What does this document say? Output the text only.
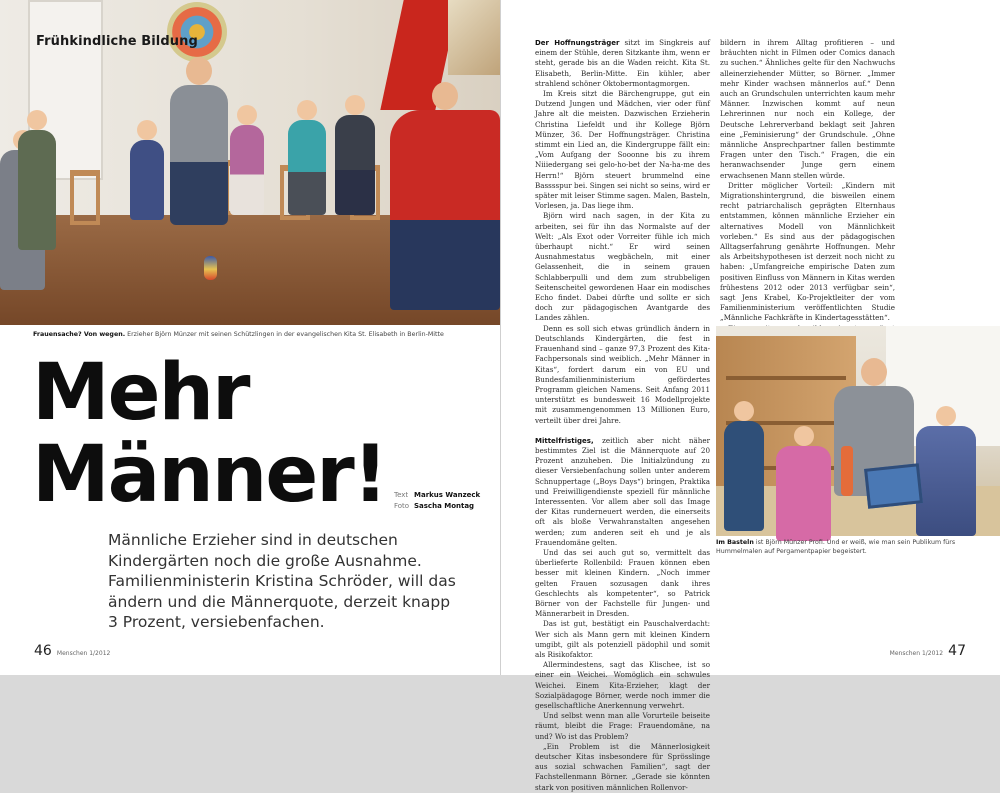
Frühkindliche Bildung
Frauensache? Von wegen. Erzieher Björn Münzer mit seinen Schützlingen in der evangelischen Kita St. Elisabeth in Berlin-Mitte
Mehr
Männer! Text Markus Wanzeck
Foto Sascha Montag

Männliche Erzieher sind in deutschen Kindergärten noch die große Ausnahme. Familienministerin Kristina Schröder, will das ändern und die Männerquote, derzeit knapp 3 Prozent, versiebenfachen.

46 Menschen 1/2012

Der Hoffnungsträger sitzt im Singkreis auf einem der Stühle, deren Sitzkante ihm, wenn er steht, gerade bis an die Waden reicht. Kita St. Elisabeth, Berlin-Mitte. Ein kühler, aber strahlend schöner Oktobermontagmorgen.

Im Kreis sitzt die Bärchengruppe, gut ein Dutzend Jungen und Mädchen, vier oder fünf Jahre alt die meisten. Dazwischen Erzieherin Christina Liefeldt und ihr Kollege Björn Münzer, 36. Der Hoffnungsträger. Christina stimmt ein Lied an, die Kindergruppe fällt ein: „Vom Aufgang der Sooonne bis zu ihrem Niiiedergang sei gelo-ho-bet der Na-ha-me des Herrn!“ Björn steuert brummelnd eine Basssspur bei. Singen sei nicht so seins, wird er später mit leiser Stimme sagen. Malen, Basteln, Vorlesen, ja. Das liege ihm.

Björn wird nach sagen, in der Kita zu arbeiten, sei für ihn das Normalste auf der Welt: „Als Exot oder Vorreiter fühle ich mich überhaupt nicht.“ Er wird seinen Ausnahmestatus wegbächeln, mit einer Gelassenheit, die in seinem grauen Schlabberpulli und dem zum strubbeligen Seitenscheitel gewordenen Haar ein modisches Echo findet. Dabei dürfte und sollte er sich doch zur pädagogischen Avantgarde des Landes zählen.

Denn es soll sich etwas gründlich ändern in Deutschlands Kindergärten, die fest in Frauenhand sind – ganze 97,3 Prozent des Kita-Fachpersonals sind weiblich. „Mehr Männer in Kitas“, fordert darum ein von EU und Bundesfamilienministerium gefördertes Programm gleichen Namens. Seit Anfang 2011 unterstützt es bundesweit 16 Modellprojekte mit zusammengenommen 13 Millionen Euro, verteilt über drei Jahre.

Mittelfristiges, zeitlich aber nicht näher bestimmtes Ziel ist die Männerquote auf 20 Prozent anzuheben. Die Initialzündung zu dieser Versiebenfachung sollen unter anderem Schnuppertage („Boys Days“) bringen, Praktika und Freiwilligendienste speziell für männliche Interessenten. Vor allem aber soll das Image der Kitas runderneuert werden, die einerseits oft als bloße Verwahranstalten angesehen werden; zum anderen seit eh und je als Frauendomäne gelten.

Und das sei auch gut so, vermittelt das überlieferte Rollenbild: Frauen können eben besser mit kleinen Kindern. „Noch immer gelten Frauen sozusagen dank ihres Geschlechts als kompetenter“, so Patrick Börner von der Fachstelle für Jungen- und Männerarbeit in Dresden.

Das ist gut, bestätigt ein Pauschalverdacht: Wer sich als Mann gern mit kleinen Kindern umgibt, gilt als potenziell pädophil und somit als Risikofaktor.

Allermindestens, sagt das Klischee, ist so einer ein Weichei. Womöglich ein schwules Weichei. Einem Kita-Erzieher, klagt der Sozialpädagoge Börner, werde noch immer die gesellschaftliche Anerkennung verwehrt.

Und selbst wenn man alle Vorurteile beiseite räumt, bleibt die Frage: Frauendomäne, na und? Wo ist das Problem?

„Ein Problem ist die Männerlosigkeit deutscher Kitas insbesondere für Sprösslinge aus sozial schwachen Familien“, sagt der Fachstellenmann Börner. „Gerade sie könnten stark von positiven männlichen Rollenvor-

bildern in ihrem Alltag profitieren – und bräuchten nicht in Filmen oder Comics danach zu suchen.“ Ähnliches gelte für den Nachwuchs alleinerziehender Mütter, so Börner. „Immer mehr Kinder wachsen männerlos auf.“ Denn auch an Grundschulen unterrichten kaum mehr Männer. Inzwischen kommt auf neun Lehrerinnen nur noch ein Kollege, der Deutsche Lehrerverband beklagt seit Jahren eine „Feminisierung“ der Grundschule. „Ohne männliche Ansprechpartner fallen bestimmte Fragen unter den Tisch.“ Fragen, die ein heranwachsender Junge gern einem erwachsenen Mann stellen würde.

Dritter möglicher Vorteil: „Kindern mit Migrationshintergrund, die bisweilen einem recht patriarchalisch geprägten Elternhaus entstammen, können männliche Erzieher ein alternatives Modell von Männlichkeit vorleben.“ Es sind aus der pädagogischen Alltagserfahrung genährte Hoffnungen. Mehr als Arbeitshypothesen ist derzeit noch nicht zu haben: „Umfangreiche empirische Daten zum positiven Einfluss von Männern in Kitas werden frühestens 2012 oder 2013 verfügbar sein“, sagt Jens Krabel, Ko-Projektleiter der vom Familienministerium veröffentlichten Studie „Männliche Fachkräfte in Kindertagesstätten“.

Im Basteln ist Björn Münzer Profi. Und er weiß, wie man sein Publikum fürs Hummelmalen auf Pergamentpapier begeistert.
Menschen 1/2012 47
